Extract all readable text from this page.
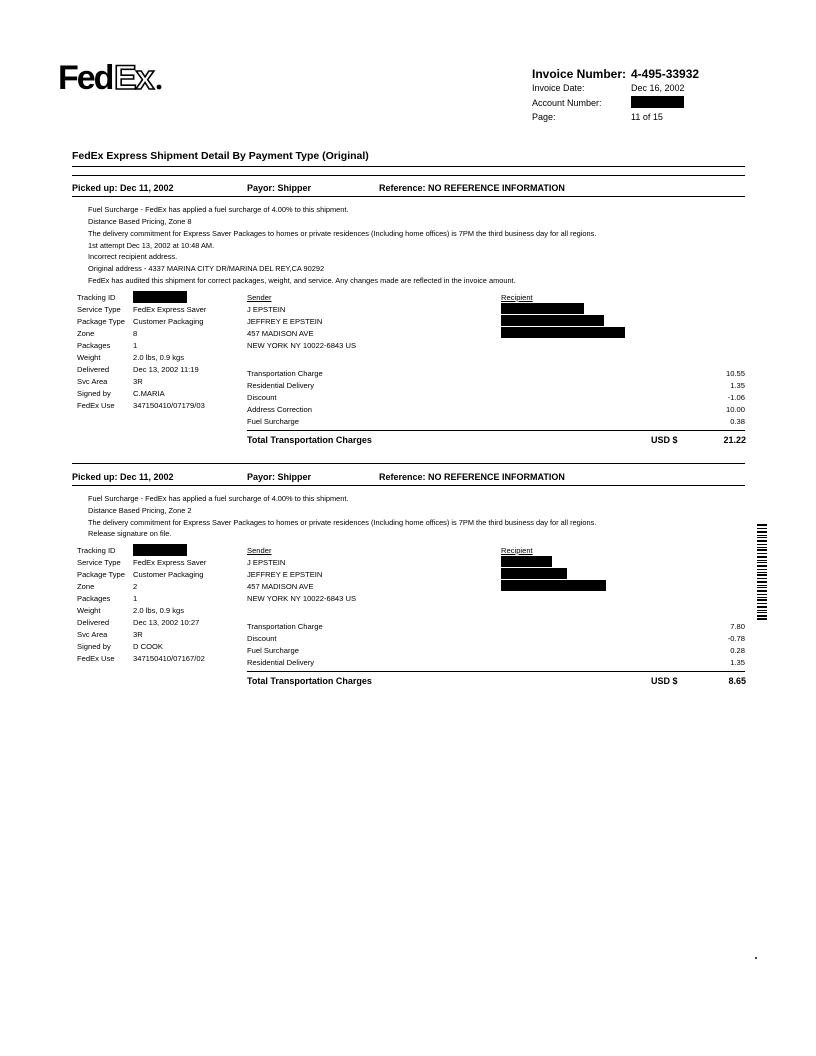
Fed Ex	Invoice Number: 4-495-33932
Invoice Date:	Dec 16, 2002
Account Number:
Page:	11 of 15
FedEx Express Shipment Detail By Payment Type (Original)
Picked up: Dec 11, 2002	Payor: Shipper	Reference: NO REFERENCE INFORMATION
Fuel Surcharge - FedEx has applied a fuel surcharge of 4.00% to this shipment.
Distance Based Pricing, Zone 8
The delivery commitment for Express Saver Packages to homes or private residences (Including home offices) is 7PM the third business day for all regions.
1st attempt Dec 13, 2002 at 10:48 AM.
Incorrect recipient address.
Original address - 4337 MARINA CITY DR/MARINA DEL REY,CA 90292
FedEx has audited this shipment for correct packages, weight, and service. Any changes made are reflected in the invoice amount.
Tracking ID
Service Type FedEx Express Saver
Package Type Customer Packaging
Zone	8
Packages	1
Weight	2.0 lbs, 0.9 kgs
Delivered	Dec 13, 2002 11:19
Svc Area	3R
Signed by	C.MARIA
FedEx Use 347150410/07179/03
Sender
J EPSTEIN
JEFFREY E EPSTEIN
457 MADISON AVE
NEW YORK NY 10022-6843 US
Recipient
Transportation Charge	10.55
Residential Delivery	1.35
Discount	-1.06
Address Correction	10.00
Fuel Surcharge	0.38
Total Transportation Charges	USD $	21.22
Picked up: Dec 11, 2002	Payor: Shipper	Reference: NO REFERENCE INFORMATION
Fuel Surcharge - FedEx has applied a fuel surcharge of 4.00% to this shipment.
Distance Based Pricing, Zone 2
The delivery commitment for Express Saver Packages to homes or private residences (Including home offices) is 7PM the third business day for all regions.
Release signature on file.
Tracking ID
Service Type FedEx Express Saver
Package Type Customer Packaging
Zone	2
Packages	1
Weight	2.0 lbs, 0.9 kgs
Delivered	Dec 13, 2002 10:27
Svc Area	3R
Signed by	D COOK
FedEx Use 347150410/07167/02
Sender
J EPSTEIN
JEFFREY E EPSTEIN
457 MADISON AVE
NEW YORK NY 10022-6843 US
Recipient
Transportation Charge	7.80
Discount	-0.78
Fuel Surcharge	0.28
Residential Delivery	1.35
Total Transportation Charges	USD $	8.65
